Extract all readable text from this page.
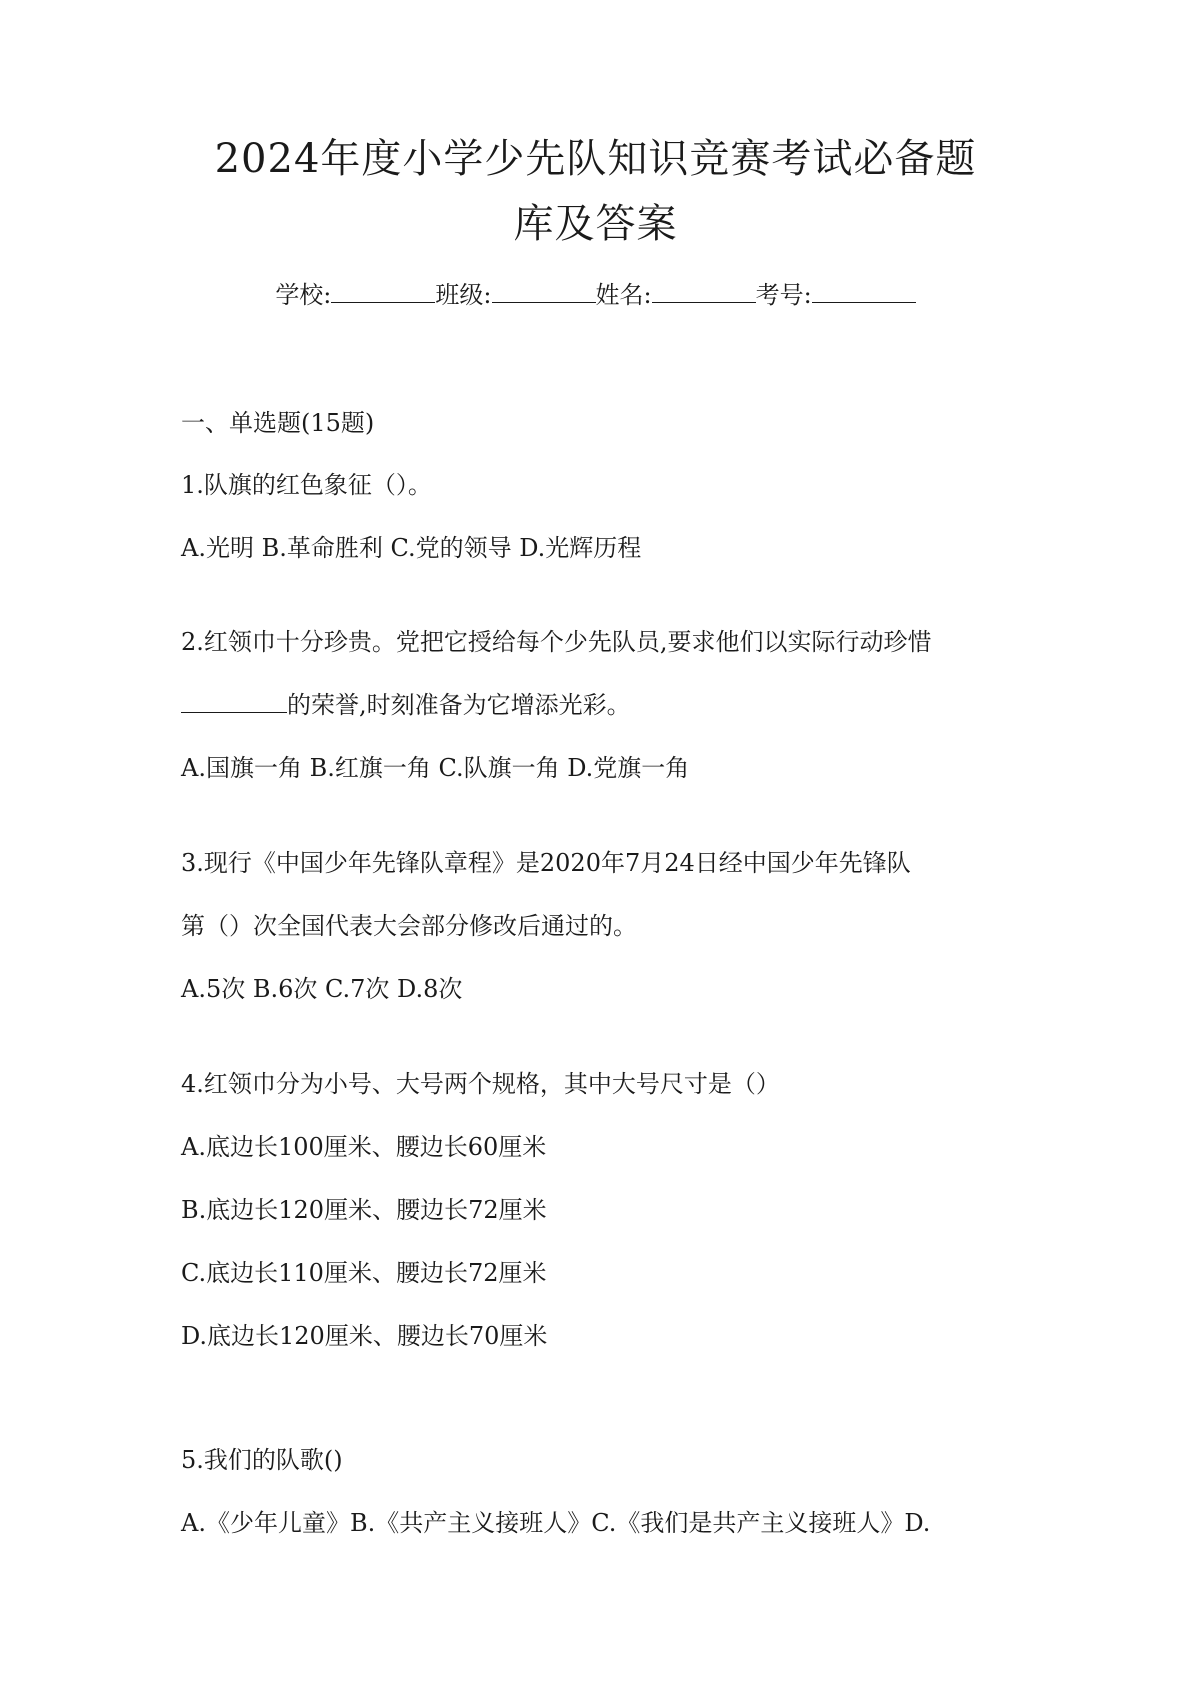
2024年度小学少先队知识竞赛考试必备题
库及答案
学校:	班级:	姓名:	考号:
一、单选题(15题)
1.队旗的红色象征（）。
A.光明 B.革命胜利 C.党的领导 D.光辉历程
2.红领巾十分珍贵。党把它授给每个少先队员,要求他们以实际行动珍惜
的荣誉,时刻准备为它增添光彩。
A.国旗一角 B.红旗一角 C.队旗一角 D.党旗一角
3.现行《中国少年先锋队章程》是2020年7月24日经中国少年先锋队
第（）次全国代表大会部分修改后通过的。
A.5次 B.6次 C.7次 D.8次
4.红领巾分为小号、大号两个规格，其中大号尺寸是（）
A.底边长100厘米、腰边长60厘米
B.底边长120厘米、腰边长72厘米
C.底边长110厘米、腰边长72厘米
D.底边长120厘米、腰边长70厘米
5.我们的队歌()
A.《少年儿童》B.《共产主义接班人》C.《我们是共产主义接班人》D.
